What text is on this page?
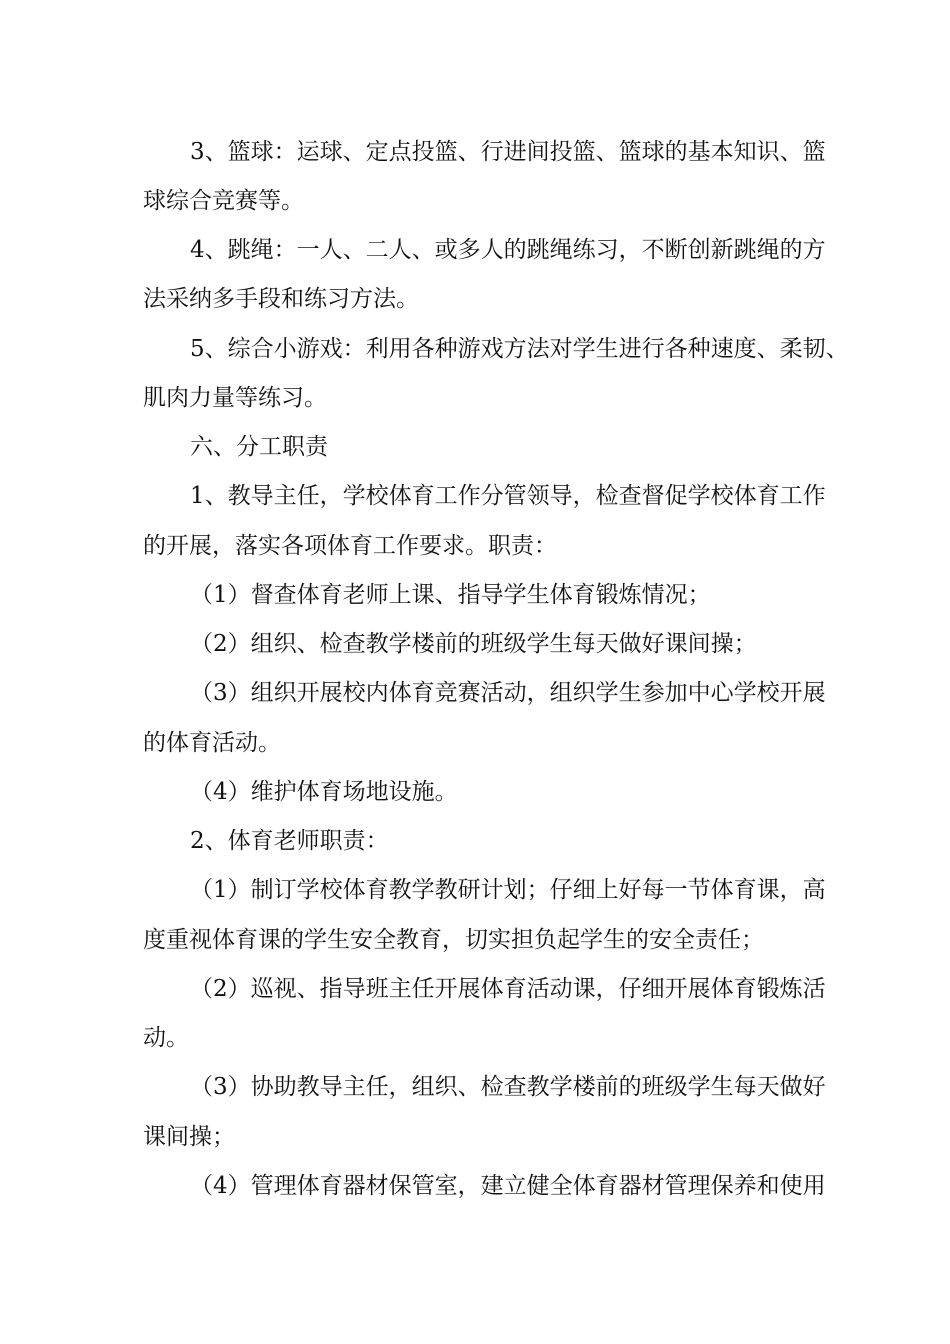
3、篮球：运球、定点投篮、行进间投篮、篮球的基本知识、篮
球综合竞赛等。
4、跳绳：一人、二人、或多人的跳绳练习，不断创新跳绳的方
法采纳多手段和练习方法。
5、综合小游戏：利用各种游戏方法对学生进行各种速度、柔韧、
肌肉力量等练习。
六、分工职责
1、教导主任，学校体育工作分管领导，检查督促学校体育工作
的开展，落实各项体育工作要求。职责：
（1）督查体育老师上课、指导学生体育锻炼情况；
（2）组织、检查教学楼前的班级学生每天做好课间操；
（3）组织开展校内体育竞赛活动，组织学生参加中心学校开展
的体育活动。
（4）维护体育场地设施。
2、体育老师职责：
（1）制订学校体育教学教研计划；仔细上好每一节体育课，高
度重视体育课的学生安全教育，切实担负起学生的安全责任；
（2）巡视、指导班主任开展体育活动课，仔细开展体育锻炼活
动。
（3）协助教导主任，组织、检查教学楼前的班级学生每天做好
课间操；
（4）管理体育器材保管室，建立健全体育器材管理保养和使用
